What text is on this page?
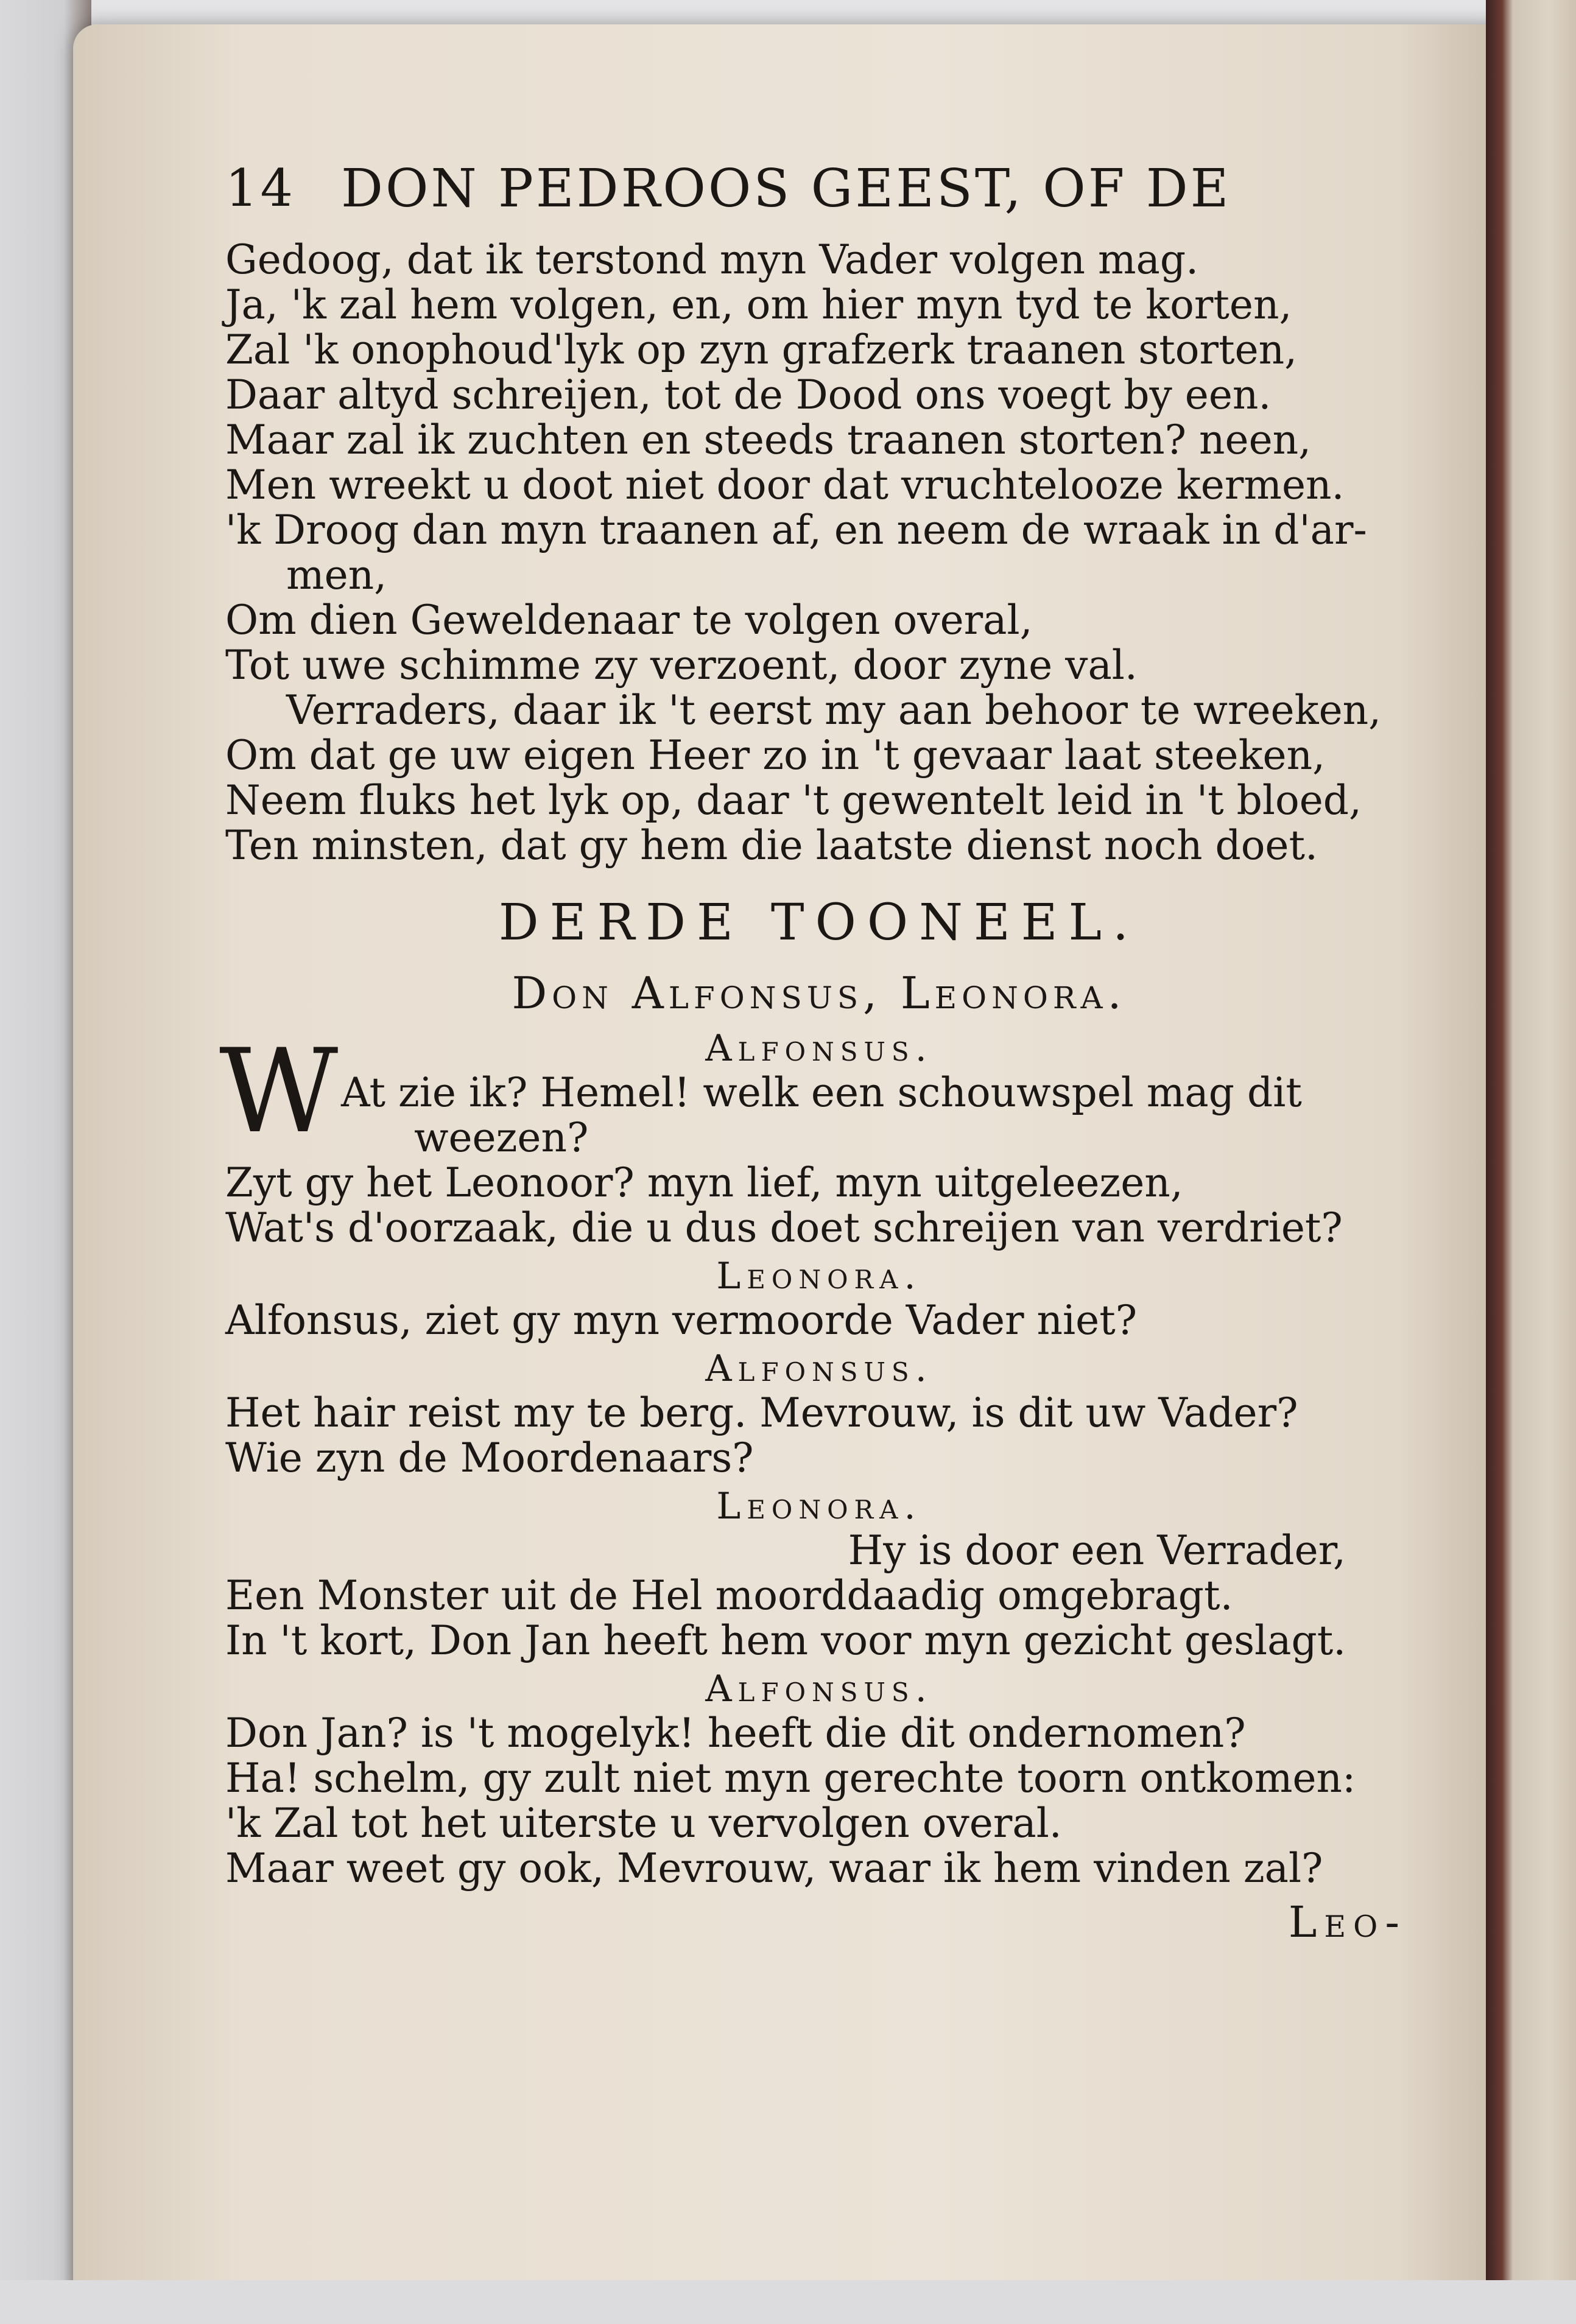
14 DON PEDROOS GEEST, OF DE
Gedoog, dat ik terstond myn Vader volgen mag.
Ja, 'k zal hem volgen, en, om hier myn tyd te korten,
Zal 'k onophoud'lyk op zyn grafzerk traanen storten,
Daar altyd schreijen, tot de Dood ons voegt by een.
Maar zal ik zuchten en steeds traanen storten? neen,
Men wreekt u doot niet door dat vruchtelooze kermen.
'k Droog dan myn traanen af, en neem de wraak in d'ar-
men,
Om dien Geweldenaar te volgen overal,
Tot uwe schimme zy verzoent, door zyne val.
Verraders, daar ik 't eerst my aan behoor te wreeken,
Om dat ge uw eigen Heer zo in 't gevaar laat steeken,
Neem fluks het lyk op, daar 't gewentelt leid in 't bloed,
Ten minsten, dat gy hem die laatste dienst noch doet.
DERDE TOONEEL.
Don Alfonsus, Leonora.
Alfonsus.
W At zie ik? Hemel! welk een schouwspel mag dit
weezen?
Zyt gy het Leonoor? myn lief, myn uitgeleezen,
Wat's d'oorzaak, die u dus doet schreijen van verdriet?
Leonora.
Alfonsus, ziet gy myn vermoorde Vader niet?
Alfonsus.
Het hair reist my te berg. Mevrouw, is dit uw Vader?
Wie zyn de Moordenaars?
Leonora.
Hy is door een Verrader,
Een Monster uit de Hel moorddaadig omgebragt.
In 't kort, Don Jan heeft hem voor myn gezicht geslagt.
Alfonsus.
Don Jan? is 't mogelyk! heeft die dit ondernomen?
Ha! schelm, gy zult niet myn gerechte toorn ontkomen:
'k Zal tot het uiterste u vervolgen overal.
Maar weet gy ook, Mevrouw, waar ik hem vinden zal?
Leo-
